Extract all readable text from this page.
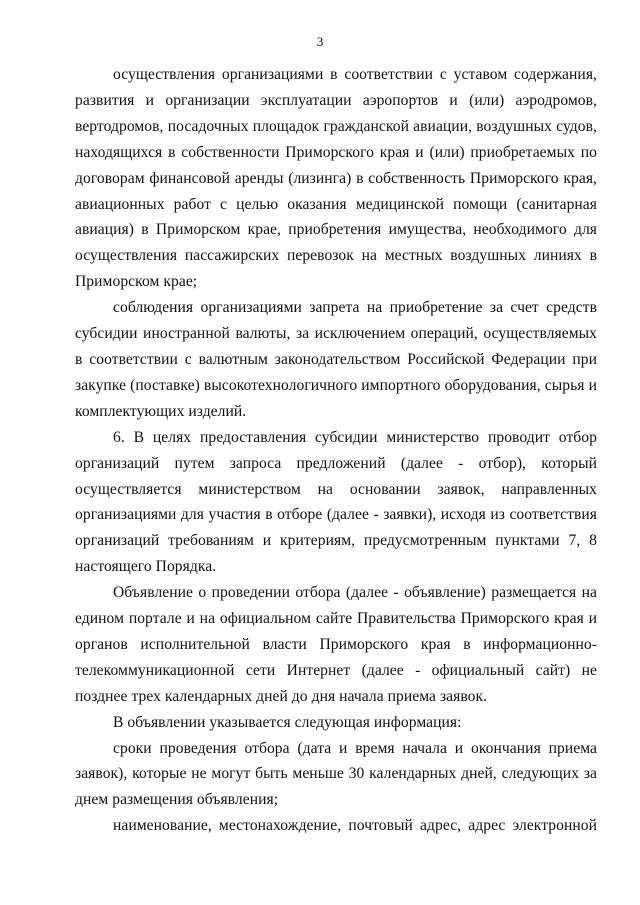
3

осуществления организациями в соответствии с уставом содержания, развития и организации эксплуатации аэропортов и (или) аэродромов, вертодромов, посадочных площадок гражданской авиации, воздушных судов, находящихся в собственности Приморского края и (или) приобретаемых по договорам финансовой аренды (лизинга) в собственность Приморского края, авиационных работ с целью оказания медицинской помощи (санитарная авиация) в Приморском крае, приобретения имущества, необходимого для осуществления пассажирских перевозок на местных воздушных линиях в Приморском крае;

соблюдения организациями запрета на приобретение за счет средств субсидии иностранной валюты, за исключением операций, осуществляемых в соответствии с валютным законодательством Российской Федерации при закупке (поставке) высокотехнологичного импортного оборудования, сырья и комплектующих изделий.

6. В целях предоставления субсидии министерство проводит отбор организаций путем запроса предложений (далее - отбор), который осуществляется министерством на основании заявок, направленных организациями для участия в отборе (далее - заявки), исходя из соответствия организаций требованиям и критериям, предусмотренным пунктами 7, 8 настоящего Порядка.

Объявление о проведении отбора (далее - объявление) размещается на едином портале и на официальном сайте Правительства Приморского края и органов исполнительной власти Приморского края в информационно-телекоммуникационной сети Интернет (далее - официальный сайт) не позднее трех календарных дней до дня начала приема заявок.

В объявлении указывается следующая информация:

сроки проведения отбора (дата и время начала и окончания приема заявок), которые не могут быть меньше 30 календарных дней, следующих за днем размещения объявления;

наименование, местонахождение, почтовый адрес, адрес электронной
